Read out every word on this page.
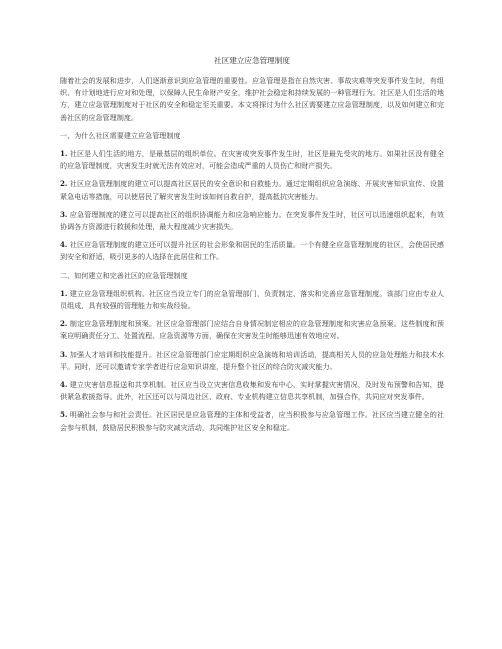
社区建立应急管理制度

随着社会的发展和进步，人们逐渐意识到应急管理的重要性。应急管理是指在自然灾害、事故灾难等突发事件发生时，有组织、有计划地进行应对和处理，以保障人民生命财产安全，维护社会稳定和持续发展的一种管理行为。社区是人们生活的地方，建立应急管理制度对于社区的安全和稳定至关重要。本文将探讨为什么社区需要建立应急管理制度，以及如何建立和完善社区的应急管理制度。

一、为什么社区需要建立应急管理制度

1. 社区是人们生活的地方，是最基层的组织单位。在灾害或突发事件发生时，社区是最先受灾的地方。如果社区没有健全的应急管理制度，灾害发生时就无法有效应对，可能会造成严重的人员伤亡和财产损失。

2. 社区应急管理制度的建立可以提高社区居民的安全意识和自救能力。通过定期组织应急演练、开展灾害知识宣传、设置紧急电话等措施，可以使居民了解灾害发生时该如何自救自护，提高抵抗灾害能力。

3. 应急管理制度的建立可以提高社区的组织协调能力和应急响应能力。在突发事件发生时，社区可以迅速组织起来，有效协调各方资源进行救援和处理，最大程度减少灾害损失。

4. 社区应急管理制度的建立还可以提升社区的社会形象和居民的生活质量。一个有健全应急管理制度的社区，会使居民感到安全和舒适，吸引更多的人选择在此居住和工作。

二、如何建立和完善社区的应急管理制度

1. 建立应急管理组织机构。社区应当设立专门的应急管理部门，负责制定、落实和完善应急管理制度。该部门应由专业人员组成，具有较强的管理能力和实战经验。

2. 制定应急管理制度和预案。社区应急管理部门应结合自身情况制定相应的应急管理制度和灾害应急预案。这些制度和预案应明确责任分工、处置流程、应急资源等方面，确保在灾害发生时能够迅速有效地应对。

3. 加强人才培训和技能提升。社区应急管理部门应定期组织应急演练和培训活动，提高相关人员的应急处理能力和技术水平。同时，还可以邀请专家学者进行应急知识讲座，提升整个社区的综合防灾减灾能力。

4. 建立灾害信息报送和共享机制。社区应当设立灾害信息收集和发布中心，实时掌握灾害情况，及时发布预警和告知，提供紧急救援指导。此外，社区还可以与周边社区、政府、专业机构建立信息共享机制，加强合作，共同应对突发事件。

5. 明确社会参与和社会责任。社区居民是应急管理的主体和受益者，应当积极参与应急管理工作。社区应当建立健全的社会参与机制，鼓励居民积极参与防灾减灾活动，共同维护社区安全和稳定。
